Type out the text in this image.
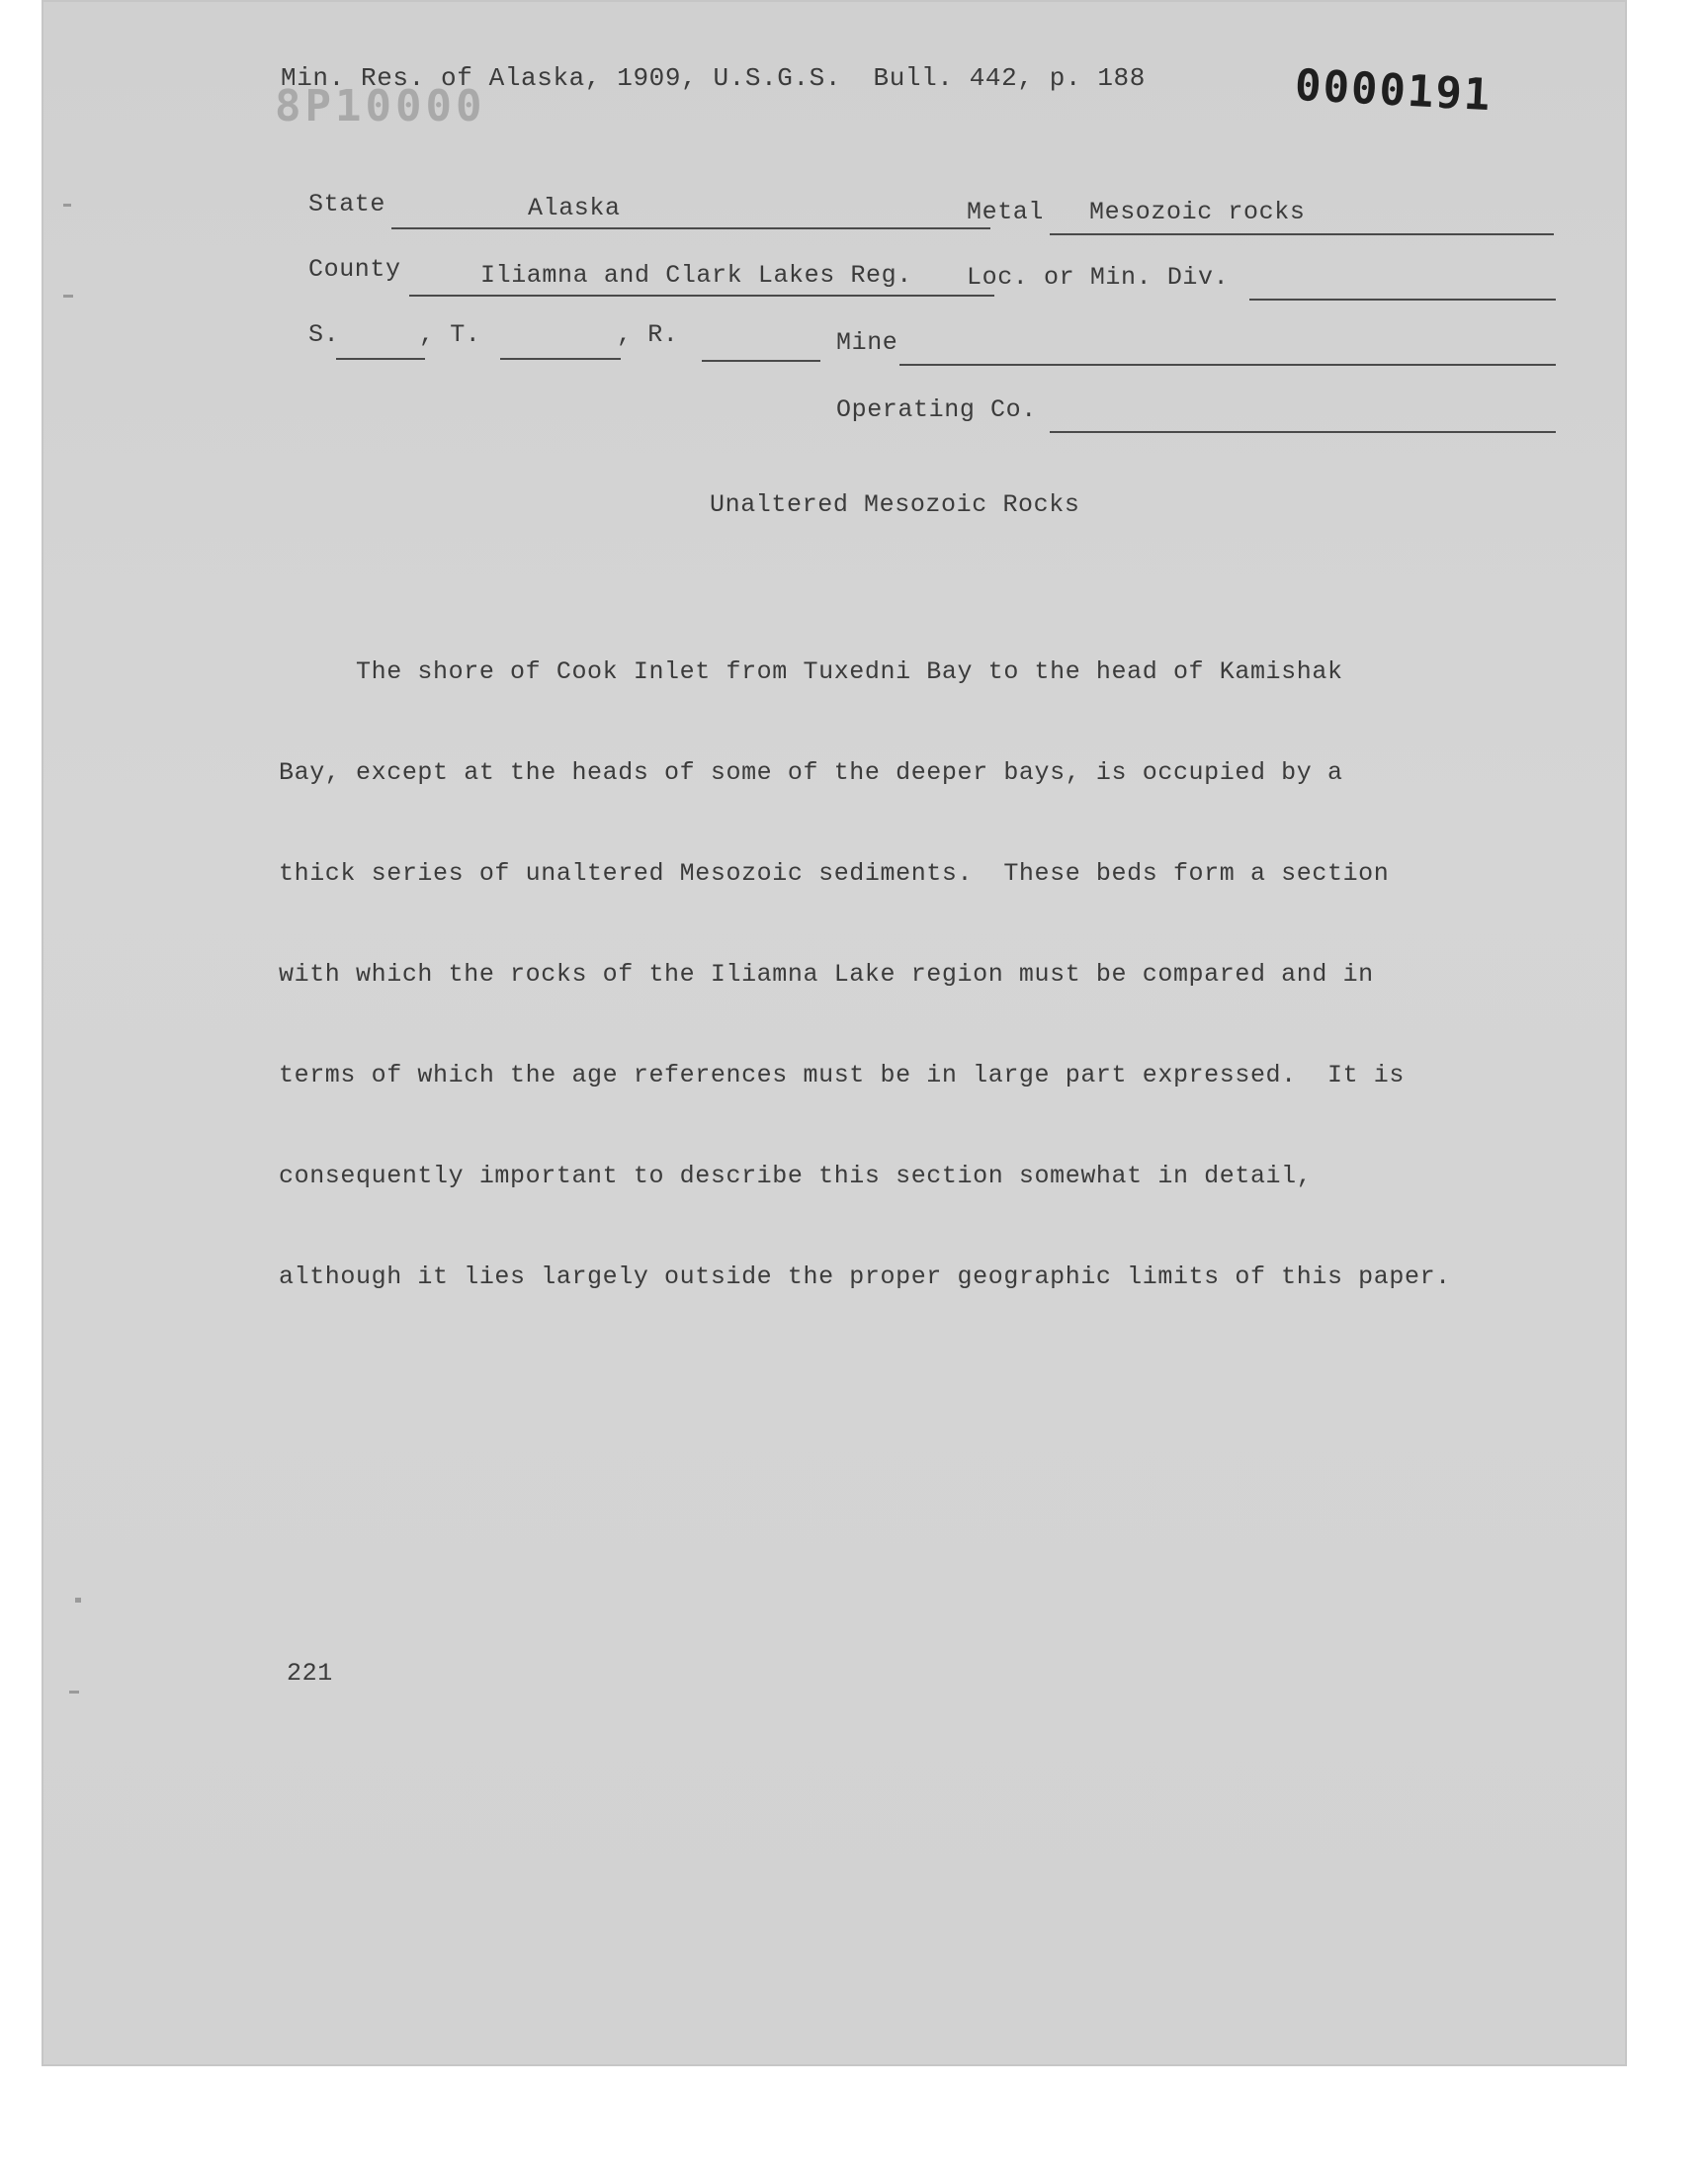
8P10000
Min. Res. of Alaska, 1909, U.S.G.S.  Bull. 442, p. 188	0000191
State	Alaska	Metal Mesozoic rocks
County	Iliamna and Clark Lakes Reg. Loc. or Min. Div.
S.	, T.	, R.	Mine
Operating Co.
Unaltered Mesozoic Rocks

The shore of Cook Inlet from Tuxedni Bay to the head of Kamishak

Bay, except at the heads of some of the deeper bays, is occupied by a

thick series of unaltered Mesozoic sediments.  These beds form a section

with which the rocks of the Iliamna Lake region must be compared and in

terms of which the age references must be in large part expressed.  It is

consequently important to describe this section somewhat in detail,

although it lies largely outside the proper geographic limits of this paper.

221
